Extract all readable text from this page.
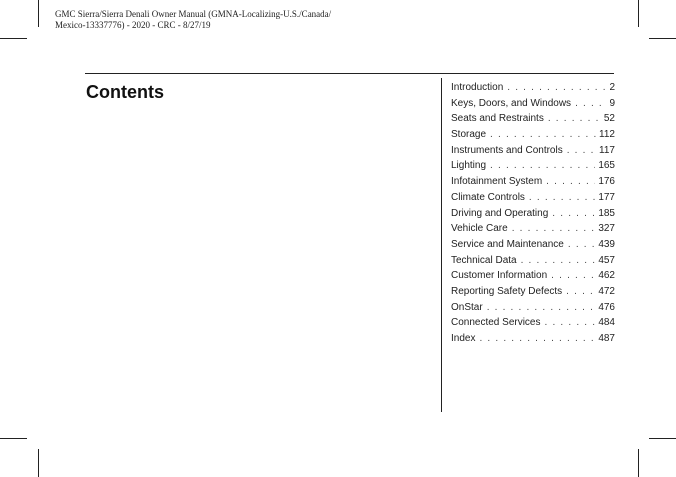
GMC Sierra/Sierra Denali Owner Manual (GMNA-Localizing-U.S./Canada/
Mexico-13337776) - 2020 - CRC - 8/27/19
Contents	Introduction . . .	2
Keys, Doors, and Windows . . .	9
Seats and Restraints . . .	52
Storage . . .	112
Instruments and Controls . . .	117
Lighting . . .	165
Infotainment System . . .	176
Climate Controls . . .	177
Driving and Operating . . .	185
Vehicle Care . . .	327
Service and Maintenance . . .	439
Technical Data . . .	457
Customer Information . . .	462
Reporting Safety Defects . . .	472
OnStar . . .	476
Connected Services . . .	484
Index . . .	487
